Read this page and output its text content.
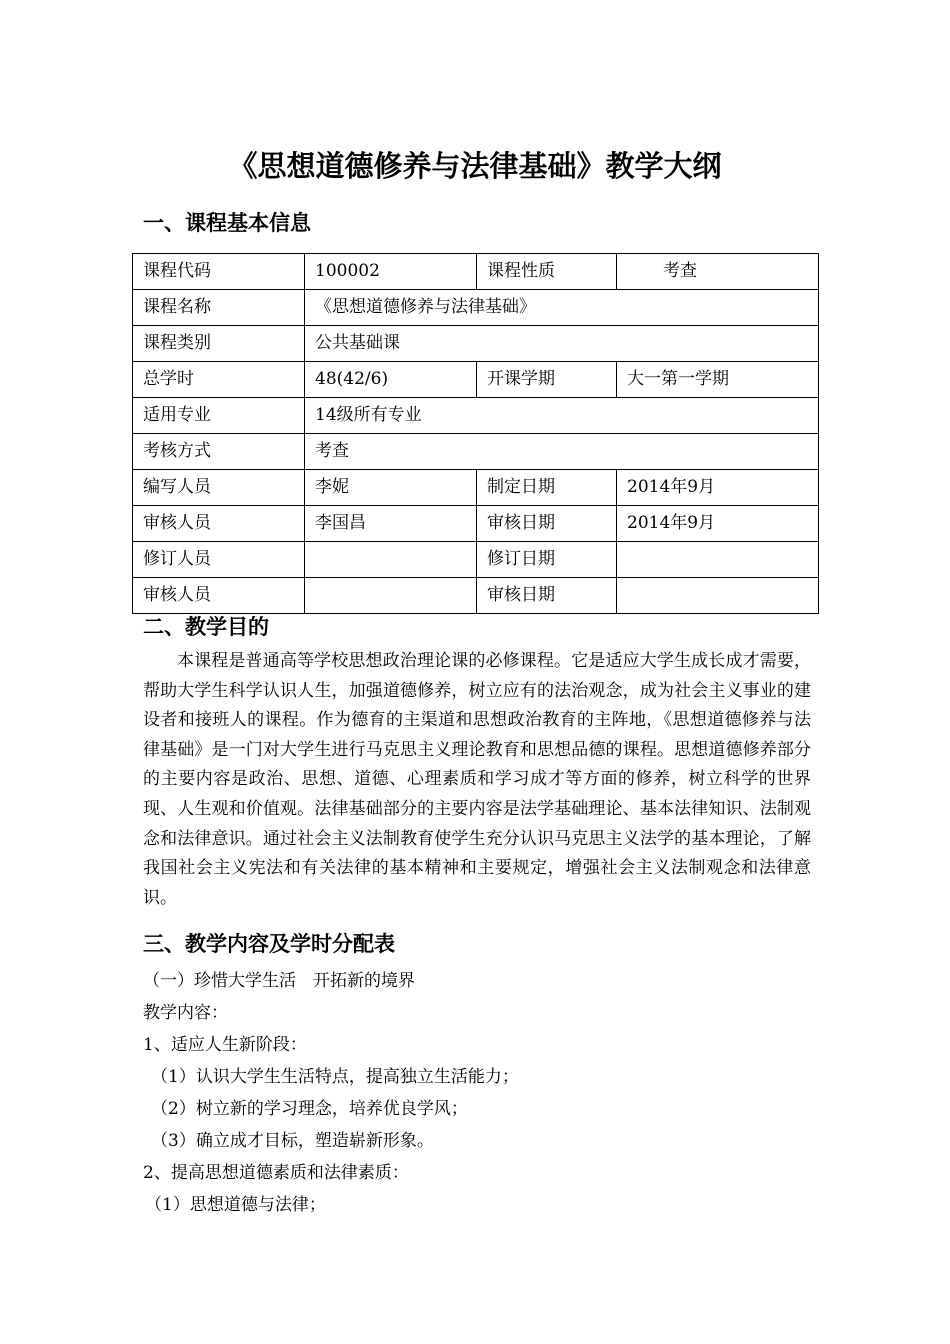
《思想道德修养与法律基础》教学大纲
一、课程基本信息
课程代码	100002	课程性质	考查
课程名称	《思想道德修养与法律基础》		
课程类别	公共基础课		
总学时	48(42/6)	开课学期	大一第一学期
适用专业	14级所有专业		
考核方式	考查		
编写人员	李妮	制定日期	2014年9月
审核人员	李国昌	审核日期	2014年9月
修订人员		修订日期	
审核人员		审核日期	
二、教学目的

本课程是普通高等学校思想政治理论课的必修课程。它是适应大学生成长成才需要，帮助大学生科学认识人生，加强道德修养，树立应有的法治观念，成为社会主义事业的建设者和接班人的课程。作为德育的主渠道和思想政治教育的主阵地，《思想道德修养与法律基础》是一门对大学生进行马克思主义理论教育和思想品德的课程。思想道德修养部分的主要内容是政治、思想、道德、心理素质和学习成才等方面的修养，树立科学的世界现、人生观和价值观。法律基础部分的主要内容是法学基础理论、基本法律知识、法制观念和法律意识。通过社会主义法制教育使学生充分认识马克思主义法学的基本理论，了解我国社会主义宪法和有关法律的基本精神和主要规定，增强社会主义法制观念和法律意识。

三、教学内容及学时分配表

（一）珍惜大学生活　开拓新的境界

教学内容：

1、适应人生新阶段：

（1）认识大学生生活特点，提高独立生活能力；

（2）树立新的学习理念，培养优良学风；

（3）确立成才目标，塑造崭新形象。

2、提高思想道德素质和法律素质：

（1）思想道德与法律；
